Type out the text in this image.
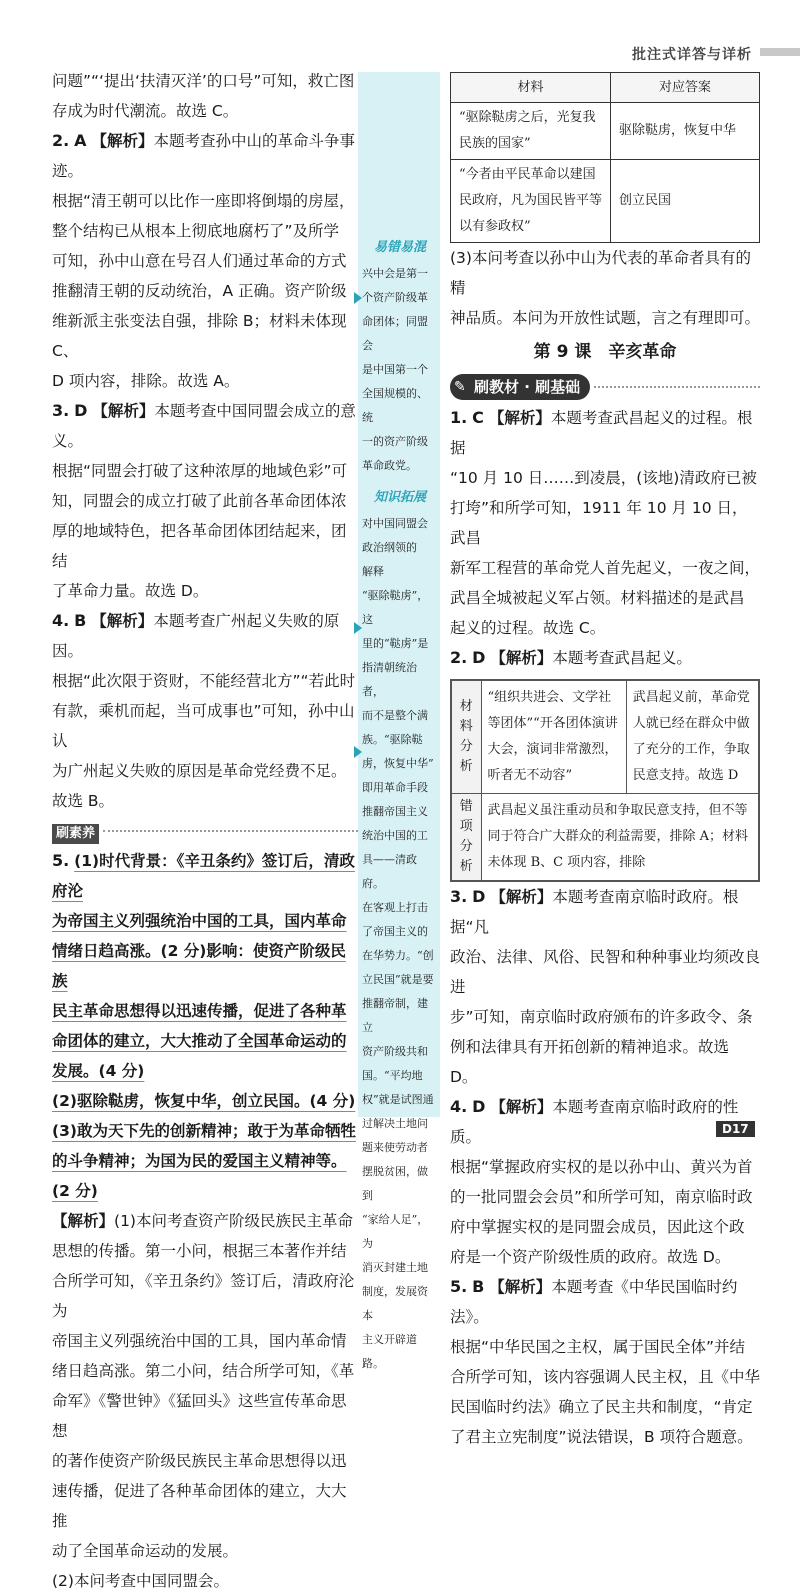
批注式详答与详析

问题”“‘提出‘扶清灭洋’的口号”可知，救亡图

存成为时代潮流。故选 C。

2. A 【解析】本题考查孙中山的革命斗争事迹。

根据“清王朝可以比作一座即将倒塌的房屋，

整个结构已从根本上彻底地腐朽了”及所学

可知，孙中山意在号召人们通过革命的方式

推翻清王朝的反动统治，A 正确。资产阶级

维新派主张变法自强，排除 B；材料未体现 C、

D 项内容，排除。故选 A。

3. D 【解析】本题考查中国同盟会成立的意义。

根据“同盟会打破了这种浓厚的地域色彩”可

知，同盟会的成立打破了此前各革命团体浓

厚的地域特色，把各革命团体团结起来，团结

了革命力量。故选 D。

4. B 【解析】本题考查广州起义失败的原因。

根据“此次限于资财，不能经营北方”“若此时

有款，乘机而起，当可成事也”可知，孙中山认

为广州起义失败的原因是革命党经费不足。

故选 B。

刷素养

5. (1)时代背景：《辛丑条约》签订后，清政府沦

为帝国主义列强统治中国的工具，国内革命

情绪日趋高涨。(2 分)影响：使资产阶级民族

民主革命思想得以迅速传播，促进了各种革

命团体的建立，大大推动了全国革命运动的

发展。(4 分)

(2)驱除鞑虏，恢复中华，创立民国。(4 分)

(3)敢为天下先的创新精神；敢于为革命牺牲

的斗争精神；为国为民的爱国主义精神等。

(2 分)

【解析】(1)本问考查资产阶级民族民主革命

思想的传播。第一小问，根据三本著作并结

合所学可知，《辛丑条约》签订后，清政府沦为

帝国主义列强统治中国的工具，国内革命情

绪日趋高涨。第二小问，结合所学可知，《革

命军》《警世钟》《猛回头》这些宣传革命思想

的著作使资产阶级民族民主革命思想得以迅

速传播，促进了各种革命团体的建立，大大推

动了全国革命运动的发展。

(2)本问考查中国同盟会。

易错易混
兴中会是第一
个资产阶级革
命团体；同盟会
是中国第一个
全国规模的、统
一的资产阶级
革命政党。
知识拓展
对中国同盟会
政治纲领的
解释
“驱除鞑虏”，这
里的“鞑虏”是
指清朝统治者，
而不是整个满
族。“驱除鞑
虏，恢复中华”
即用革命手段
推翻帝国主义
统治中国的工
具——清政府。
在客观上打击
了帝国主义的
在华势力。“创
立民国”就是要
推翻帝制，建立
资产阶级共和
国。“平均地
权”就是试图通
过解决土地问
题来使劳动者
摆脱贫困，做到
“家给人足”，为
消灭封建土地
制度，发展资本
主义开辟道路。
材料	对应答案
“驱除鞑虏之后，光复我民族的国家”	驱除鞑虏，恢复中华
“今者由平民革命以建国民政府，凡为国民皆平等以有参政权”	创立民国

(3)本问考查以孙中山为代表的革命者具有的精

神品质。本问为开放性试题，言之有理即可。

第 9 课　辛亥革命
✎ 刷教材 · 刷基础

1. C 【解析】本题考查武昌起义的过程。根据

“10 月 10 日……到凌晨，(该地)清政府已被

打垮”和所学可知，1911 年 10 月 10 日，武昌

新军工程营的革命党人首先起义，一夜之间，

武昌全城被起义军占领。材料描述的是武昌

起义的过程。故选 C。

2. D 【解析】本题考查武昌起义。

材料分析	“组织共进会、文学社等团体”“开各团体演讲大会，演词非常激烈，听者无不动容”	武昌起义前，革命党人就已经在群众中做了充分的工作，争取民意支持。故选 D
错项分析	武昌起义虽注重动员和争取民意支持，但不等同于符合广大群众的利益需要，排除 A；材料未体现 B、C 项内容，排除	

3. D 【解析】本题考查南京临时政府。根据“凡

政治、法律、风俗、民智和种种事业均须改良进

步”可知，南京临时政府颁布的许多政令、条

例和法律具有开拓创新的精神追求。故选 D。

4. D 【解析】本题考查南京临时政府的性质。

根据“掌握政府实权的是以孙中山、黄兴为首

的一批同盟会会员”和所学可知，南京临时政

府中掌握实权的是同盟会成员，因此这个政

府是一个资产阶级性质的政府。故选 D。

5. B 【解析】本题考查《中华民国临时约法》。

根据“中华民国之主权，属于国民全体”并结

合所学可知，该内容强调人民主权，且《中华

民国临时约法》确立了民主共和制度，“肯定

了君主立宪制度”说法错误，B 项符合题意。

D17
